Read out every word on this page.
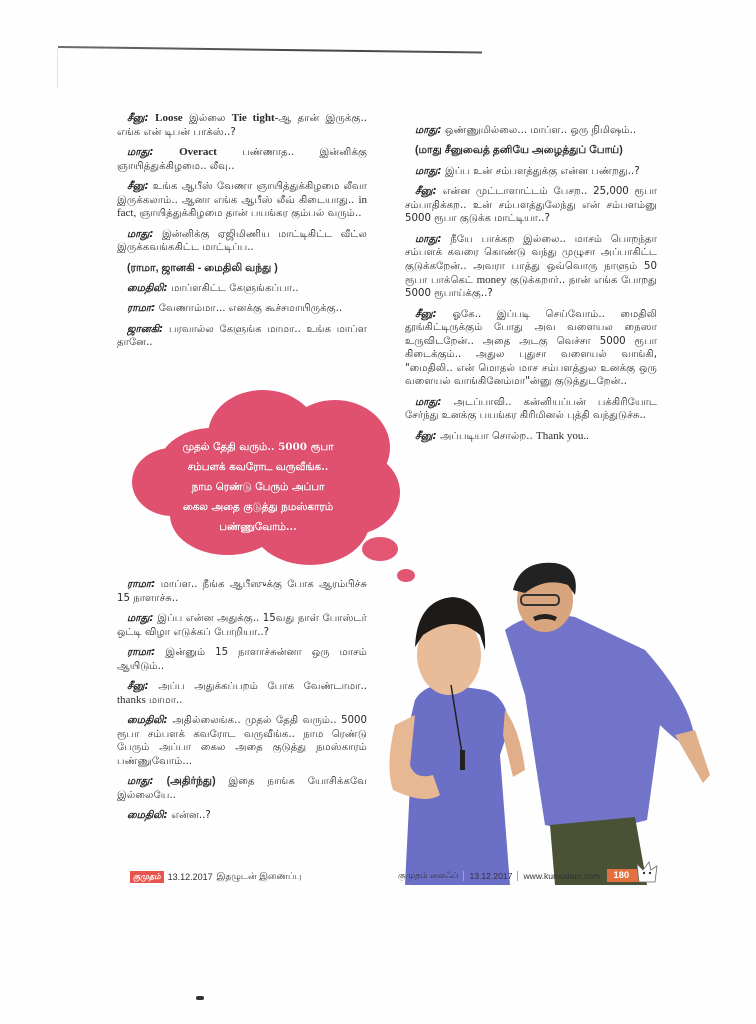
சீனு: Loose இல்லை Tie tight-ஆ தான் இருக்கு.. எங்க என் டிபன் பாக்ஸ்..?

மாது: Overact பண்ணாத.. இன்னிக்கு ஞாயித்துக்கிழமை.. லீவு..

சீனு: உங்க ஆபீஸ் வேணா ஞாயித்துக்கிழமை லீவா இருக்கலாம்.. ஆனா எங்க ஆபீஸ் லீவ் கிடையாது.. in fact, ஞாயித்துக்கிழமை தான் பயங்கர கும்பல் வரும்..

மாது: இன்னிக்கு ஏஜிமிணிய மாட்டிகிட்ட வீட்ல இருக்கவங்ககிட்ட மாட்டிப்ப..

(ராமா, ஜானகி - மைதிலி வந்து )

மைதிலி: மாப்ளகிட்ட கேளுங்கப்பா..

ராமா: வேணாம்மா... எனக்கு கூச்சமாயிருக்கு..

ஜானகி: பரவால்ல கேளுங்க மாமா.. உங்க மாப்ள தானே..

முதல் தேதி வரும்.. 5000 ரூபா
சம்பளக் கவரோட வருவீங்க..
நாம ரெண்டு பேரும் அப்பா
கைல அதை குடுத்து நமஸ்காரம்
பண்ணுவோம்...

ராமா: மாப்ள.. நீங்க ஆபீஸுக்கு போக ஆரம்பிச்சு 15 நாளாச்சு..

மாது: இப்ப என்ன அதுக்கு.. 15வது நாள் போஸ்டர் ஒட்டி விழா எடுக்கப் போறியா..?

ராமா: இன்னும் 15 நாளாச்சுன்னா ஒரு மாசம் ஆயிடும்..

சீனு: அப்ப அதுக்கப்பறம் போக வேண்டாமா.. thanks மாமா..

மைதிலி: அதில்லைங்க.. முதல் தேதி வரும்.. 5000 ரூபா சம்பளக் கவரோட வருவீங்க.. நாம ரெண்டு பேரும் அப்பா கைல அதை குடுத்து நமஸ்காரம் பண்ணுவோம்...

மாது: (அதிர்ந்து) இதை நாங்க யோசிக்கவே இல்லையே..

மைதிலி: என்ன..?

மாது: ஒண்ணுமில்லை... மாப்ள.. ஒரு நிமிஷம்..

(மாது சீனுவைத் தனியே அழைத்துப் போய்)

மாது: இப்ப உன் சம்பளத்துக்கு என்ன பண்றது..?

சீனு: என்ன முட்டாளாட்டம் பேசற.. 25,000 ரூபா சம்பாதிக்கற.. உன் சம்பளத்துலேந்து என் சம்பளம்னு 5000 ரூபா குடுக்க மாட்டியா..?

மாது: நீயே பாக்கற இல்லை.. மாசம் பொறந்தா சம்பளக் கவரை கொண்டு வந்து முழுசா அப்பாகிட்ட குடுக்கறேன்.. அவரா பாத்து ஒவ்வொரு நாளும் 50 ரூபா பாக்கெட் money குடுக்கறார்.. நான் எங்க போறது 5000 ரூபாய்க்கு..?

சீனு: ஓகே.. இப்படி செய்வோம்.. மைதிலி தூங்கிட்டிருக்கும் போது அவ வளையல நைஸா உருவிடறேன்.. அதை அடகு வெச்சா 5000 ரூபா கிடைக்கும்.. அதுல புதுசா வளையல் வாங்கி, "மைதிலி.. என் மொதல் மாச சம்பளத்துல உனக்கு ஒரு வளையல் வாங்கினேம்மா"ன்னு குடுத்துடறேன்..

மாது: அடப்பாவி.. கன்னியப்பன் பக்கிரியோட சேர்ந்து உனக்கு பயங்கர கிரிமினல் புத்தி வந்துடுச்சு..

சீனு: அப்படியா சொல்ற.. Thank you..

குமுதம் 13.12.2017 இதழுடன் இணைப்பு	குமுதம் லைஃப் 13.12.2017 www.kumudam.com	180
